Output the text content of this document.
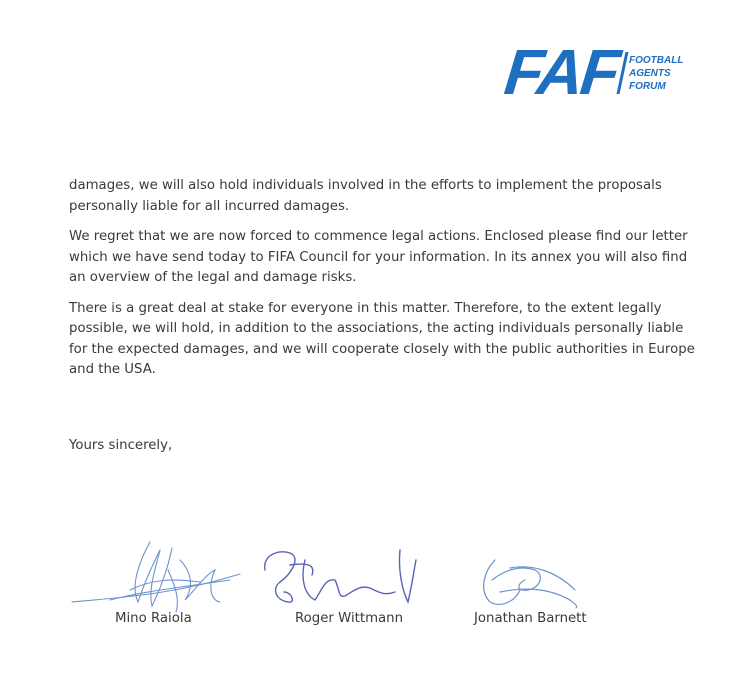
FAF FOOTBALL
AGENTS
FORUM

damages, we will also hold individuals involved in the efforts to implement the proposals personally liable for all incurred damages.

We regret that we are now forced to commence legal actions. Enclosed please find our letter which we have send today to FIFA Council for your information. In its annex you will also find an overview of the legal and damage risks.

There is a great deal at stake for everyone in this matter. Therefore, to the extent legally possible, we will hold, in addition to the associations, the acting individuals personally liable for the expected damages, and we will cooperate closely with the public authorities in Europe and the USA.

Yours sincerely,

Mino Raiola	Roger Wittmann	Jonathan Barnett
